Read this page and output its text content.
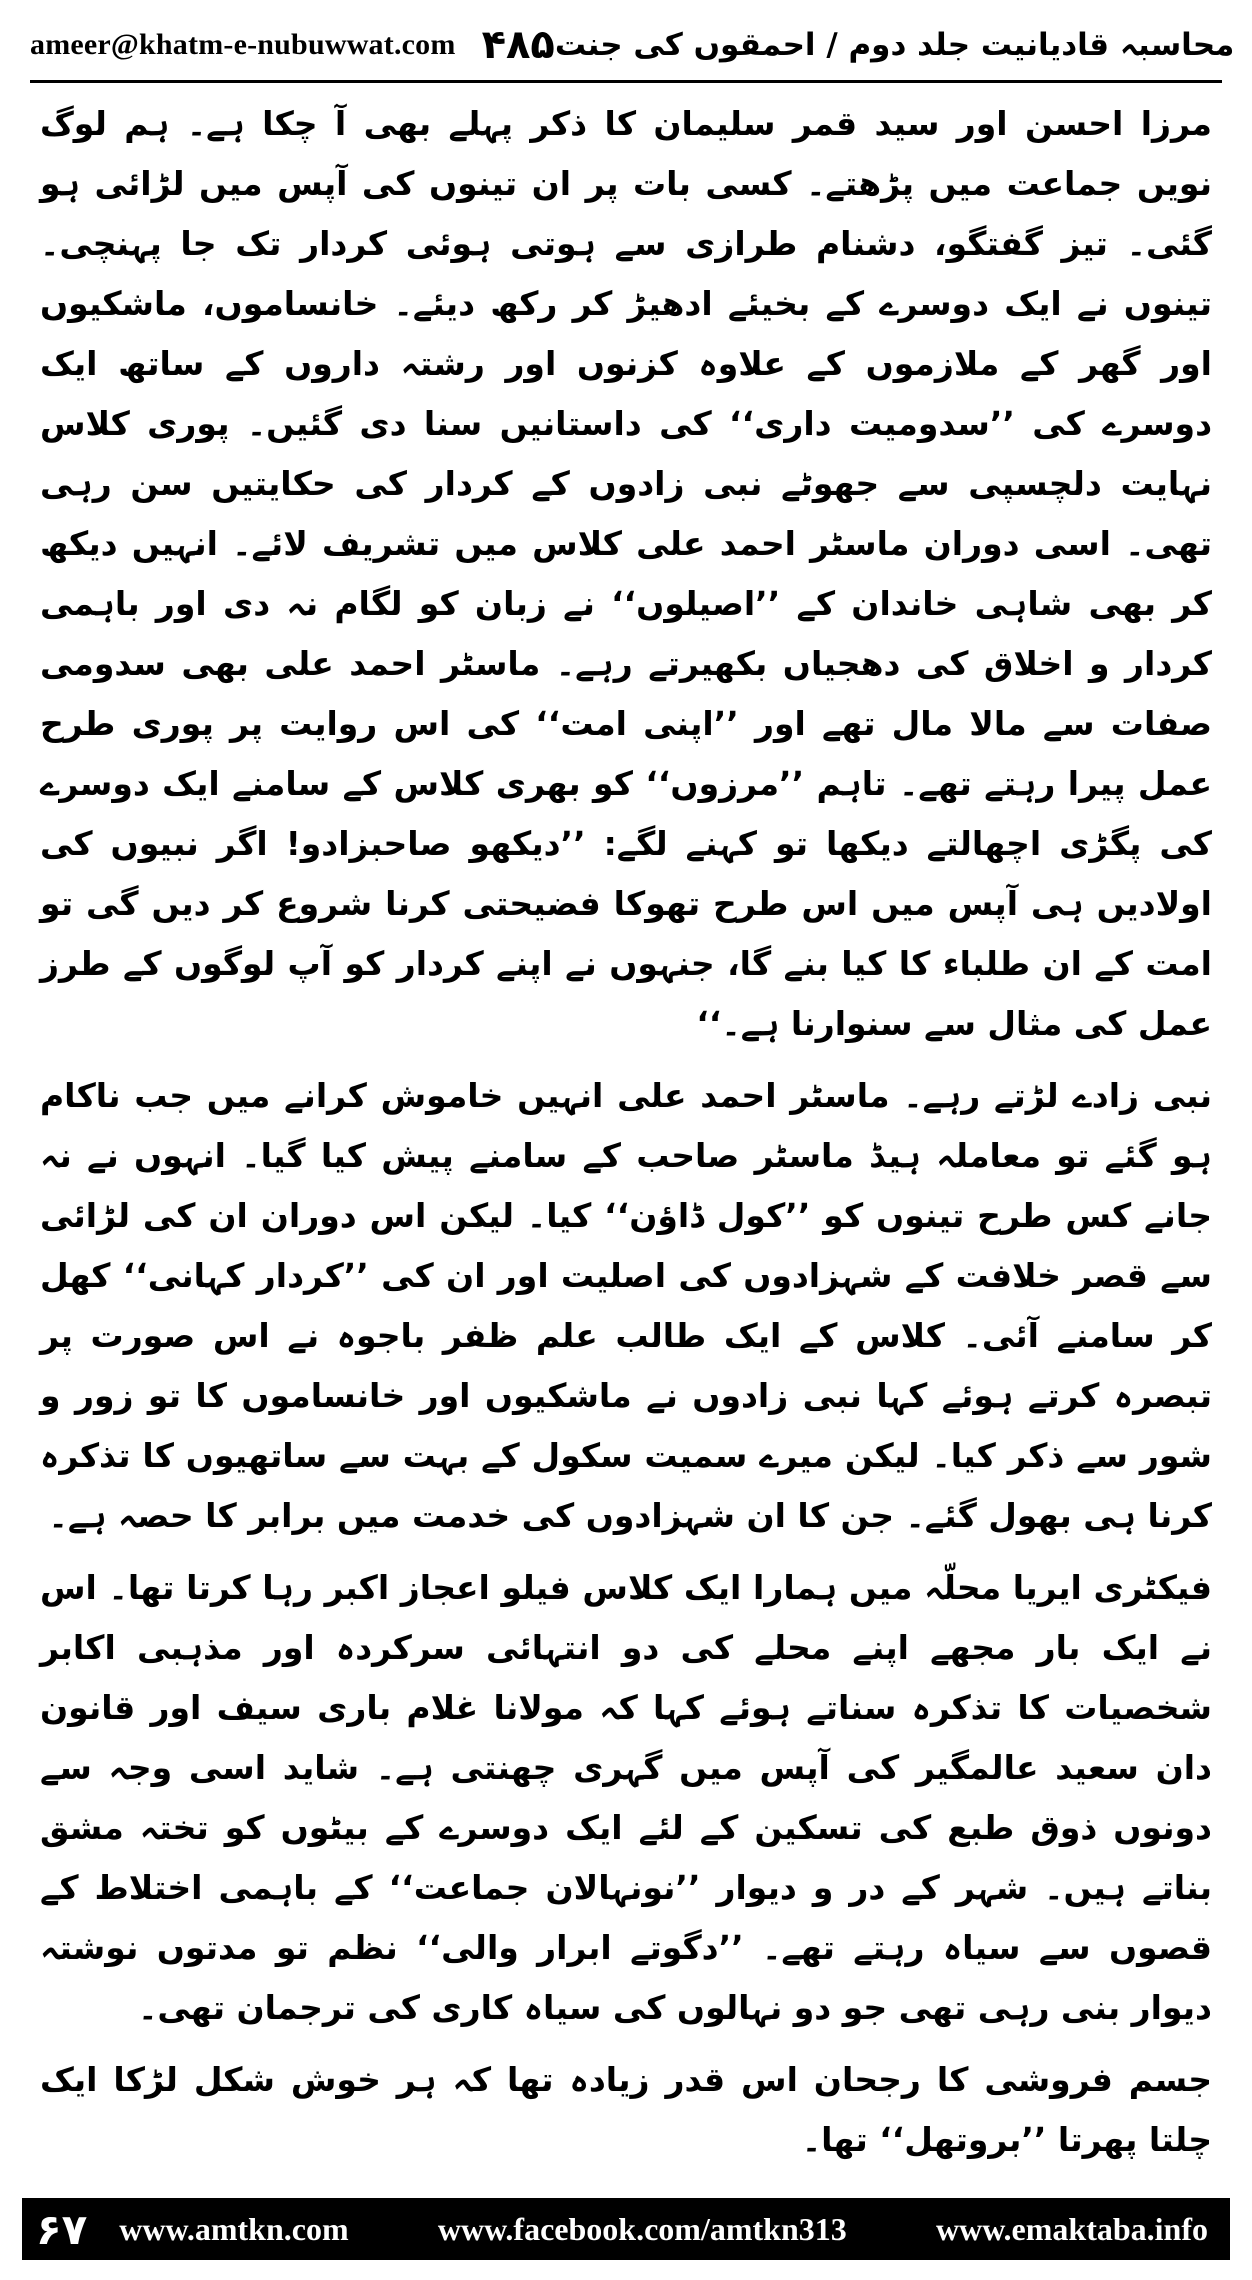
ameer@khatm-e-nubuwwat.com ۴۸۵ محاسبہ قادیانیت جلد دوم / احمقوں کی جنت

مرزا احسن اور سید قمر سلیمان کا ذکر پہلے بھی آ چکا ہے۔ ہم لوگ نویں جماعت میں پڑھتے۔ کسی بات پر ان تینوں کی آپس میں لڑائی ہو گئی۔ تیز گفتگو، دشنام طرازی سے ہوتی ہوئی کردار تک جا پہنچی۔ تینوں نے ایک دوسرے کے بخیئے ادھیڑ کر رکھ دیئے۔ خانساموں، ماشکیوں اور گھر کے ملازموں کے علاوہ کزنوں اور رشتہ داروں کے ساتھ ایک دوسرے کی ’’سدومیت داری‘‘ کی داستانیں سنا دی گئیں۔ پوری کلاس نہایت دلچسپی سے جھوٹے نبی زادوں کے کردار کی حکایتیں سن رہی تھی۔ اسی دوران ماسٹر احمد علی کلاس میں تشریف لائے۔ انہیں دیکھ کر بھی شاہی خاندان کے ’’اصیلوں‘‘ نے زبان کو لگام نہ دی اور باہمی کردار و اخلاق کی دھجیاں بکھیرتے رہے۔ ماسٹر احمد علی بھی سدومی صفات سے مالا مال تھے اور ’’اپنی امت‘‘ کی اس روایت پر پوری طرح عمل پیرا رہتے تھے۔ تاہم ’’مرزوں‘‘ کو بھری کلاس کے سامنے ایک دوسرے کی پگڑی اچھالتے دیکھا تو کہنے لگے: ’’دیکھو صاحبزادو! اگر نبیوں کی اولادیں ہی آپس میں اس طرح تھوکا فضیحتی کرنا شروع کر دیں گی تو امت کے ان طلباء کا کیا بنے گا، جنہوں نے اپنے کردار کو آپ لوگوں کے طرز عمل کی مثال سے سنوارنا ہے۔‘‘

نبی زادے لڑتے رہے۔ ماسٹر احمد علی انہیں خاموش کرانے میں جب ناکام ہو گئے تو معاملہ ہیڈ ماسٹر صاحب کے سامنے پیش کیا گیا۔ انہوں نے نہ جانے کس طرح تینوں کو ’’کول ڈاؤن‘‘ کیا۔ لیکن اس دوران ان کی لڑائی سے قصر خلافت کے شہزادوں کی اصلیت اور ان کی ’’کردار کہانی‘‘ کھل کر سامنے آئی۔ کلاس کے ایک طالب علم ظفر باجوہ نے اس صورت پر تبصرہ کرتے ہوئے کہا نبی زادوں نے ماشکیوں اور خانساموں کا تو زور و شور سے ذکر کیا۔ لیکن میرے سمیت سکول کے بہت سے ساتھیوں کا تذکرہ کرنا ہی بھول گئے۔ جن کا ان شہزادوں کی خدمت میں برابر کا حصہ ہے۔

فیکٹری ایریا محلّہ میں ہمارا ایک کلاس فیلو اعجاز اکبر رہا کرتا تھا۔ اس نے ایک بار مجھے اپنے محلے کی دو انتہائی سرکردہ اور مذہبی اکابر شخصیات کا تذکرہ سناتے ہوئے کہا کہ مولانا غلام باری سیف اور قانون دان سعید عالمگیر کی آپس میں گہری چھنتی ہے۔ شاید اسی وجہ سے دونوں ذوق طبع کی تسکین کے لئے ایک دوسرے کے بیٹوں کو تختہ مشق بناتے ہیں۔ شہر کے در و دیوار ’’نونہالان جماعت‘‘ کے باہمی اختلاط کے قصوں سے سیاہ رہتے تھے۔ ’’دگوتے ابرار والی‘‘ نظم تو مدتوں نوشتہ دیوار بنی رہی تھی جو دو نہالوں کی سیاہ کاری کی ترجمان تھی۔

جسم فروشی کا رجحان اس قدر زیادہ تھا کہ ہر خوش شکل لڑکا ایک چلتا پھرتا ’’بروتھل‘‘ تھا۔

۶۷ www.amtkn.com	www.facebook.com/amtkn313	www.emaktaba.info
